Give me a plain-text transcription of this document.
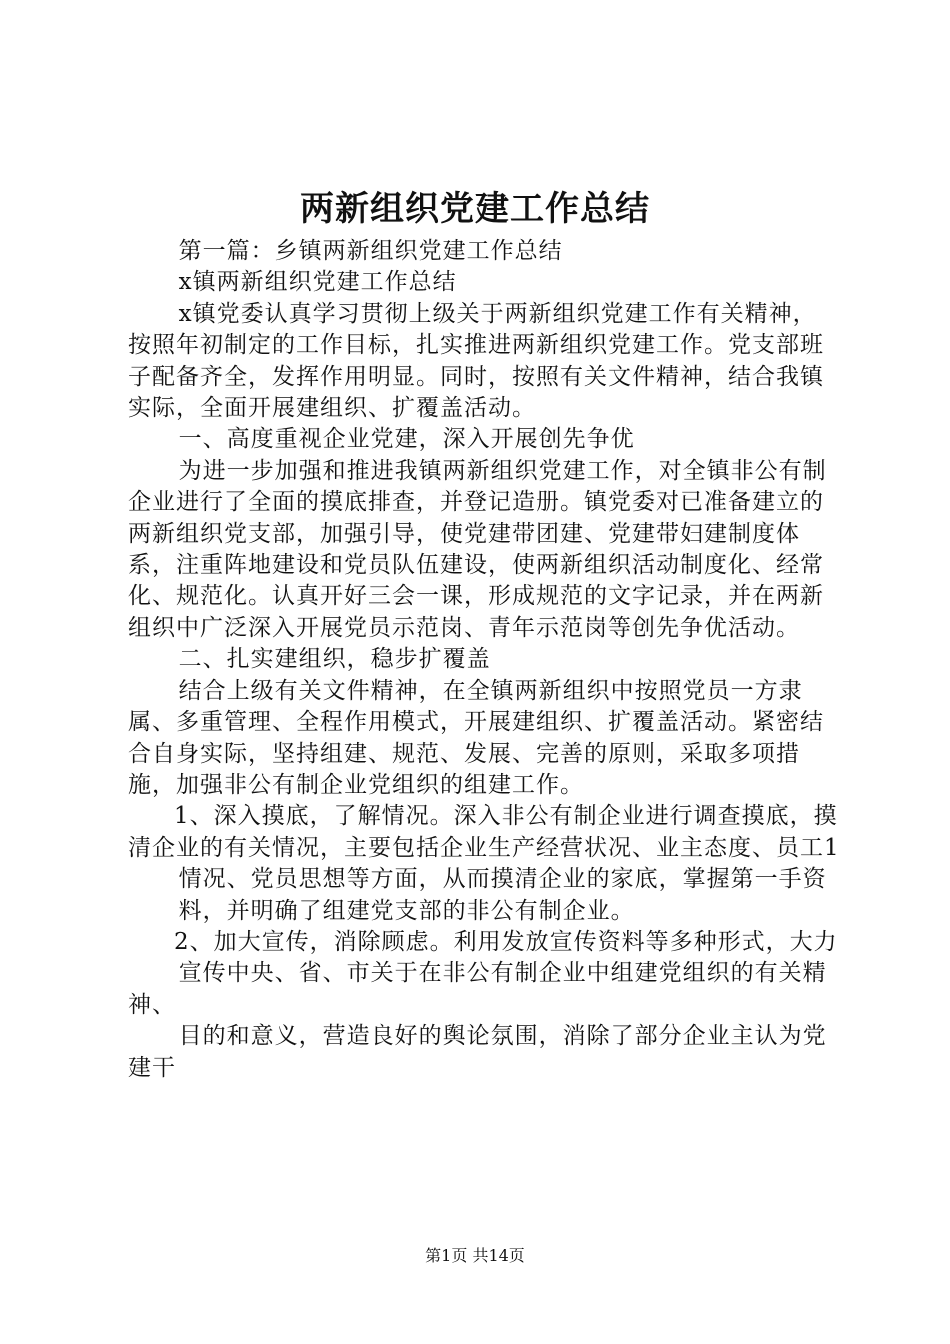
两新组织党建工作总结

第一篇：乡镇两新组织党建工作总结

x镇两新组织党建工作总结

x镇党委认真学习贯彻上级关于两新组织党建工作有关精神，按照年初制定的工作目标，扎实推进两新组织党建工作。党支部班子配备齐全，发挥作用明显。同时，按照有关文件精神，结合我镇实际，全面开展建组织、扩覆盖活动。

一、高度重视企业党建，深入开展创先争优

为进一步加强和推进我镇两新组织党建工作，对全镇非公有制企业进行了全面的摸底排查，并登记造册。镇党委对已准备建立的两新组织党支部，加强引导，使党建带团建、党建带妇建制度体系，注重阵地建设和党员队伍建设，使两新组织活动制度化、经常化、规范化。认真开好三会一课，形成规范的文字记录，并在两新组织中广泛深入开展党员示范岗、青年示范岗等创先争优活动。

二、扎实建组织，稳步扩覆盖

结合上级有关文件精神，在全镇两新组织中按照党员一方隶属、多重管理、全程作用模式，开展建组织、扩覆盖活动。紧密结合自身实际，坚持组建、规范、发展、完善的原则，采取多项措施，加强非公有制企业党组织的组建工作。

1、深入摸底，了解情况。深入非公有制企业进行调查摸底，摸清企业的有关情况，主要包括企业生产经营状况、业主态度、员工1

情况、党员思想等方面，从而摸清企业的家底，掌握第一手资

料，并明确了组建党支部的非公有制企业。

2、加大宣传，消除顾虑。利用发放宣传资料等多种形式，大力

宣传中央、省、市关于在非公有制企业中组建党组织的有关精神、

目的和意义，营造良好的舆论氛围，消除了部分企业主认为党建干

第1页 共14页
